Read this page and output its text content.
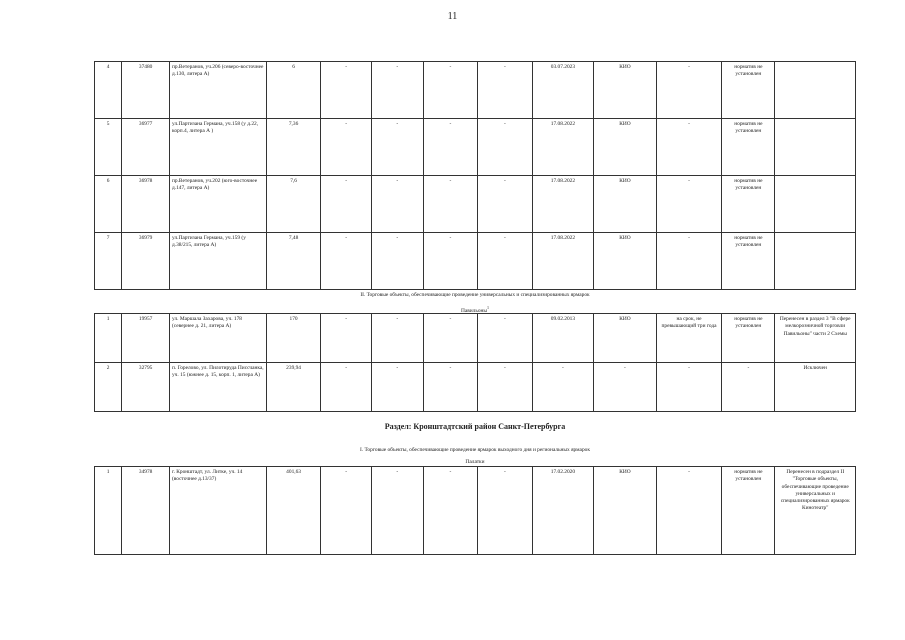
11
4	37480	пр.Ветеранов, уч.206 (северо-восточнее д.130, литера А)	6	-	-	-	-	03.07.2023	КИО	-	норматив не установлен	
5	36977	ул.Партизана Германа, уч.158 (у д.22, корп.4, литера А )	7,36	-	-	-	-	17.08.2022	КИО	-	норматив не установлен	
6	36978	пр.Ветеранов, уч.202 (юго-восточнее д.147, литера А)	7,6	-	-	-	-	17.08.2022	КИО	-	норматив не установлен	
7	36979	ул.Партизана Германа, уч.159 (у д.38/215, литера А)	7,48	-	-	-	-	17.08.2022	КИО	-	норматив не установлен	
II. Торговые объекты, обеспечивающие проведение универсальных и специализированных ярмарок
Павильоны$^1$
1	19957	ул. Маршала Захарова, уч. 178 (севернее д. 21, литера А)	170	-	-	-	-	09.02.2013	КИО	на срок, не превышающий три года	норматив не установлен	Перенесен в раздел 3 "В сфере мелкорозничной торговли Павильоны" части 2 Схемы
2	32795	п. Горелово, ул. Пилотируда Писсчанка, уч. 15 (южнее д. 15, корп. 1, литера А)	239,94	-	-	-	-	-	-	-	-	Исключен
Раздел: Кронштадтский район Санкт-Петербурга
I. Торговые объекты, обеспечивающие проведение ярмарок выходного дня и региональных ярмарок
Палатки
1	34978	г. Кронштадт, ул. Литке, уч. 14 (восточнее д.13/37)	401,63	-	-	-	-	17.02.2020	КИО	-	норматив не установлен	Перенесен в подраздел II "Торговые объекты, обеспечивающие проведение универсальных и специализированных ярмарок Кинотеатр"
